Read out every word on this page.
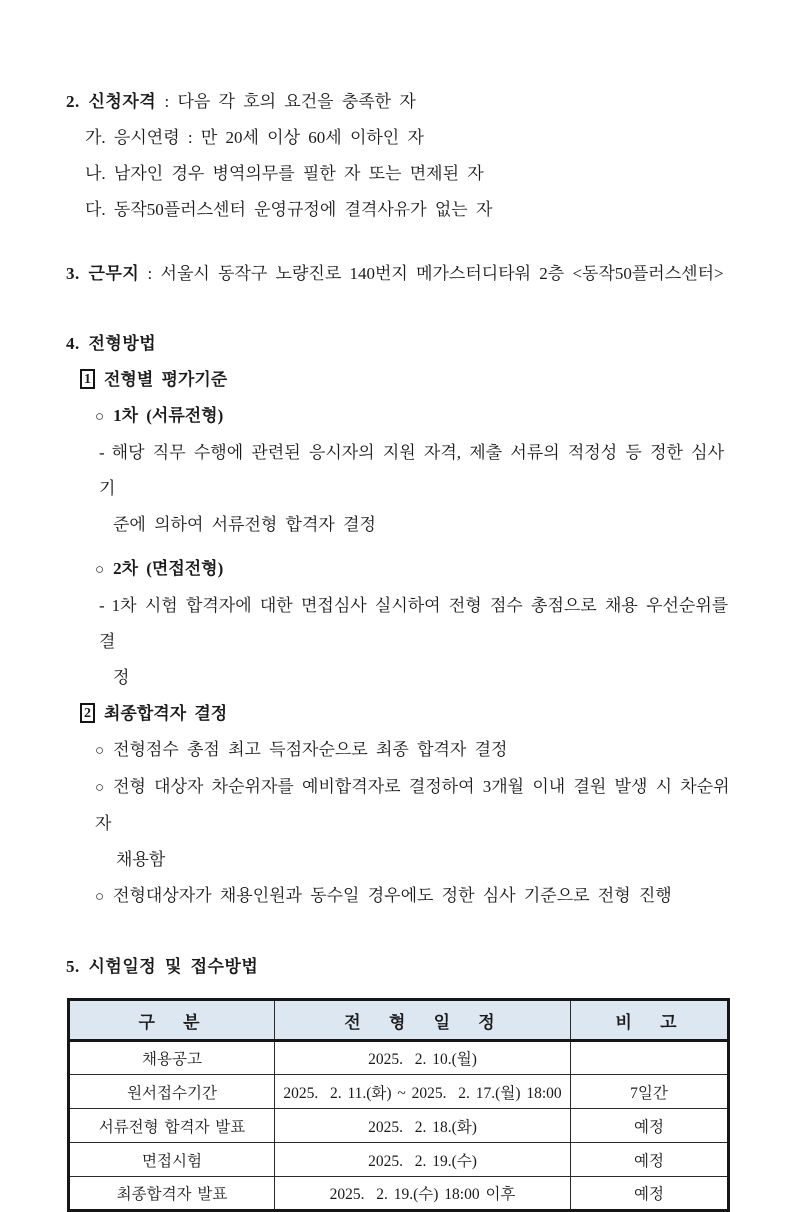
2. 신청자격 : 다음 각 호의 요건을 충족한 자

가. 응시연령 : 만 20세 이상 60세 이하인 자

나. 남자인 경우 병역의무를 필한 자 또는 면제된 자

다. 동작50플러스센터 운영규정에 결격사유가 없는 자

3. 근무지 : 서울시 동작구 노량진로 140번지 메가스터디타워 2층 <동작50플러스센터>

4. 전형방법

1 전형별 평가기준

○ 1차 (서류전형)

- 해당 직무 수행에 관련된 응시자의 지원 자격, 제출 서류의 적정성 등 정한 심사기

준에 의하여 서류전형 합격자 결정

○ 2차 (면접전형)

- 1차 시험 합격자에 대한 면접심사 실시하여 전형 점수 총점으로 채용 우선순위를 결

정

2 최종합격자 결정

○ 전형점수 총점 최고 득점자순으로 최종 합격자 결정

○ 전형 대상자 차순위자를 예비합격자로 결정하여 3개월 이내 결원 발생 시 차순위자

채용함

○ 전형대상자가 채용인원과 동수일 경우에도 정한 심사 기준으로 전형 진행

5. 시험일정 및 접수방법

구 분	전 형 일 정	비 고
채용공고	2025.  2. 10.(월)	
원서접수기간	2025.  2. 11.(화) ~ 2025.  2. 17.(월) 18:00	7일간
서류전형 합격자 발표	2025.  2. 18.(화)	예정
면접시험	2025.  2. 19.(수)	예정
최종합격자 발표	2025.  2. 19.(수) 18:00 이후	예정
